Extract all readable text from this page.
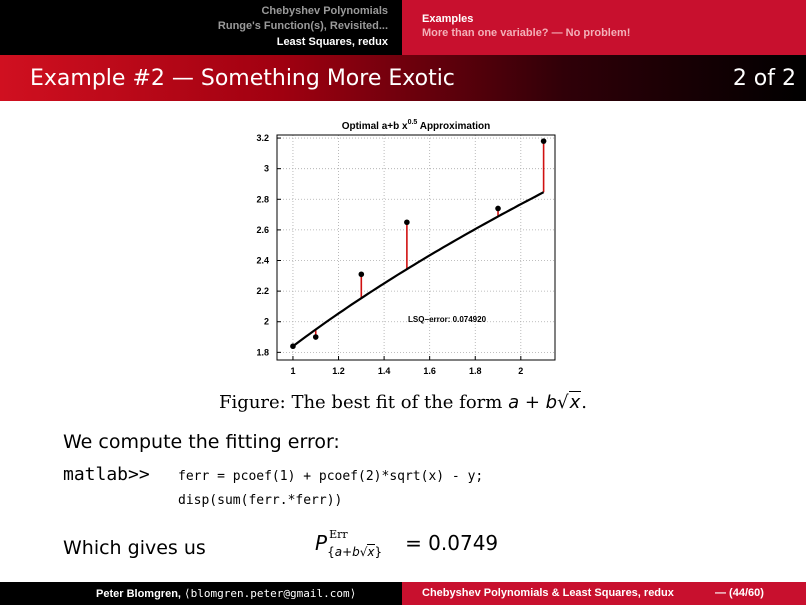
Chebyshev Polynomials
Runge's Function(s), Revisited...
Least Squares, redux
Examples
More than one variable? — No problem!
Example #2 — Something More Exotic	2 of 2
1	1.2	1.4	1.6	1.8	2
1.8
2
2.2
2.4
2.6
2.8
3
3.2
Optimal a+b $x^{0.5}$ Approximation
LSQ−error: 0.074920
Figure: The best fit of the form a + b√x.
We compute the fitting error:
matlab>> ferr = pcoef(1) + pcoef(2)*sqrt(x) - y;
disp(sum(ferr.*ferr))
Which gives us	P Err
{a+b√x} = 0.0749
Peter Blomgren, ⟨blomgren.peter@gmail.com⟩	Chebyshev Polynomials & Least Squares, redux	— (44/60)
